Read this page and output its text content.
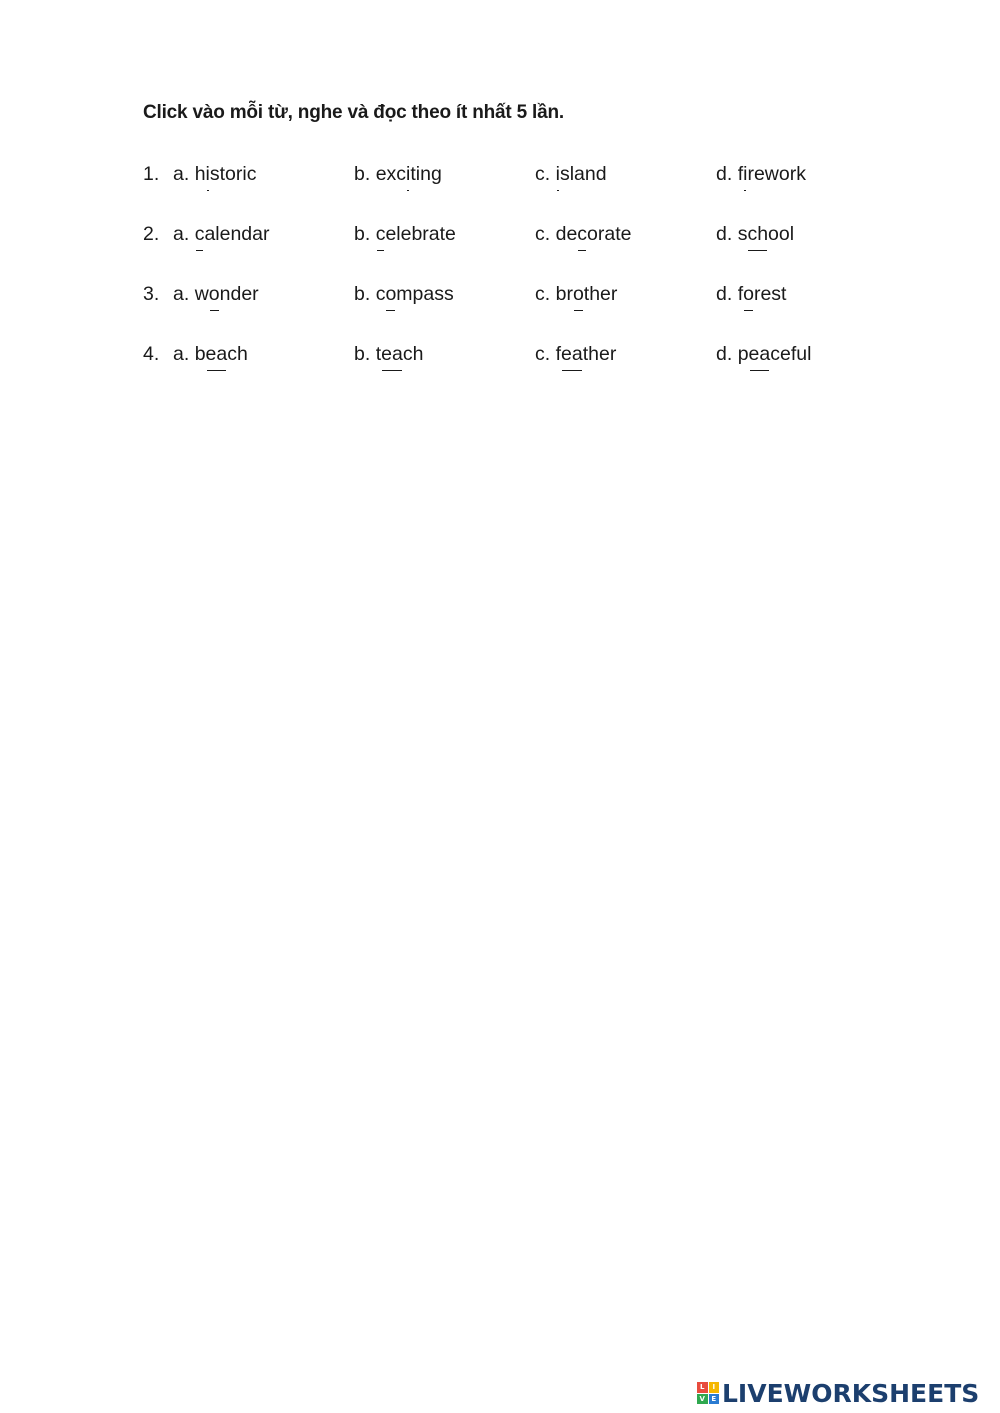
Click vào mỗi từ, nghe và đọc theo ít nhất 5 lần.
1. a. historic	b. exciting	c. island	d. firework
2. a. calendar	b. celebrate	c. decorate	d. school
3. a. wonder	b. compass	c. brother	d. forest
4. a. beach	b. teach	c. feather	d. peaceful
L	I
V E LIVEWORKSHEETS
